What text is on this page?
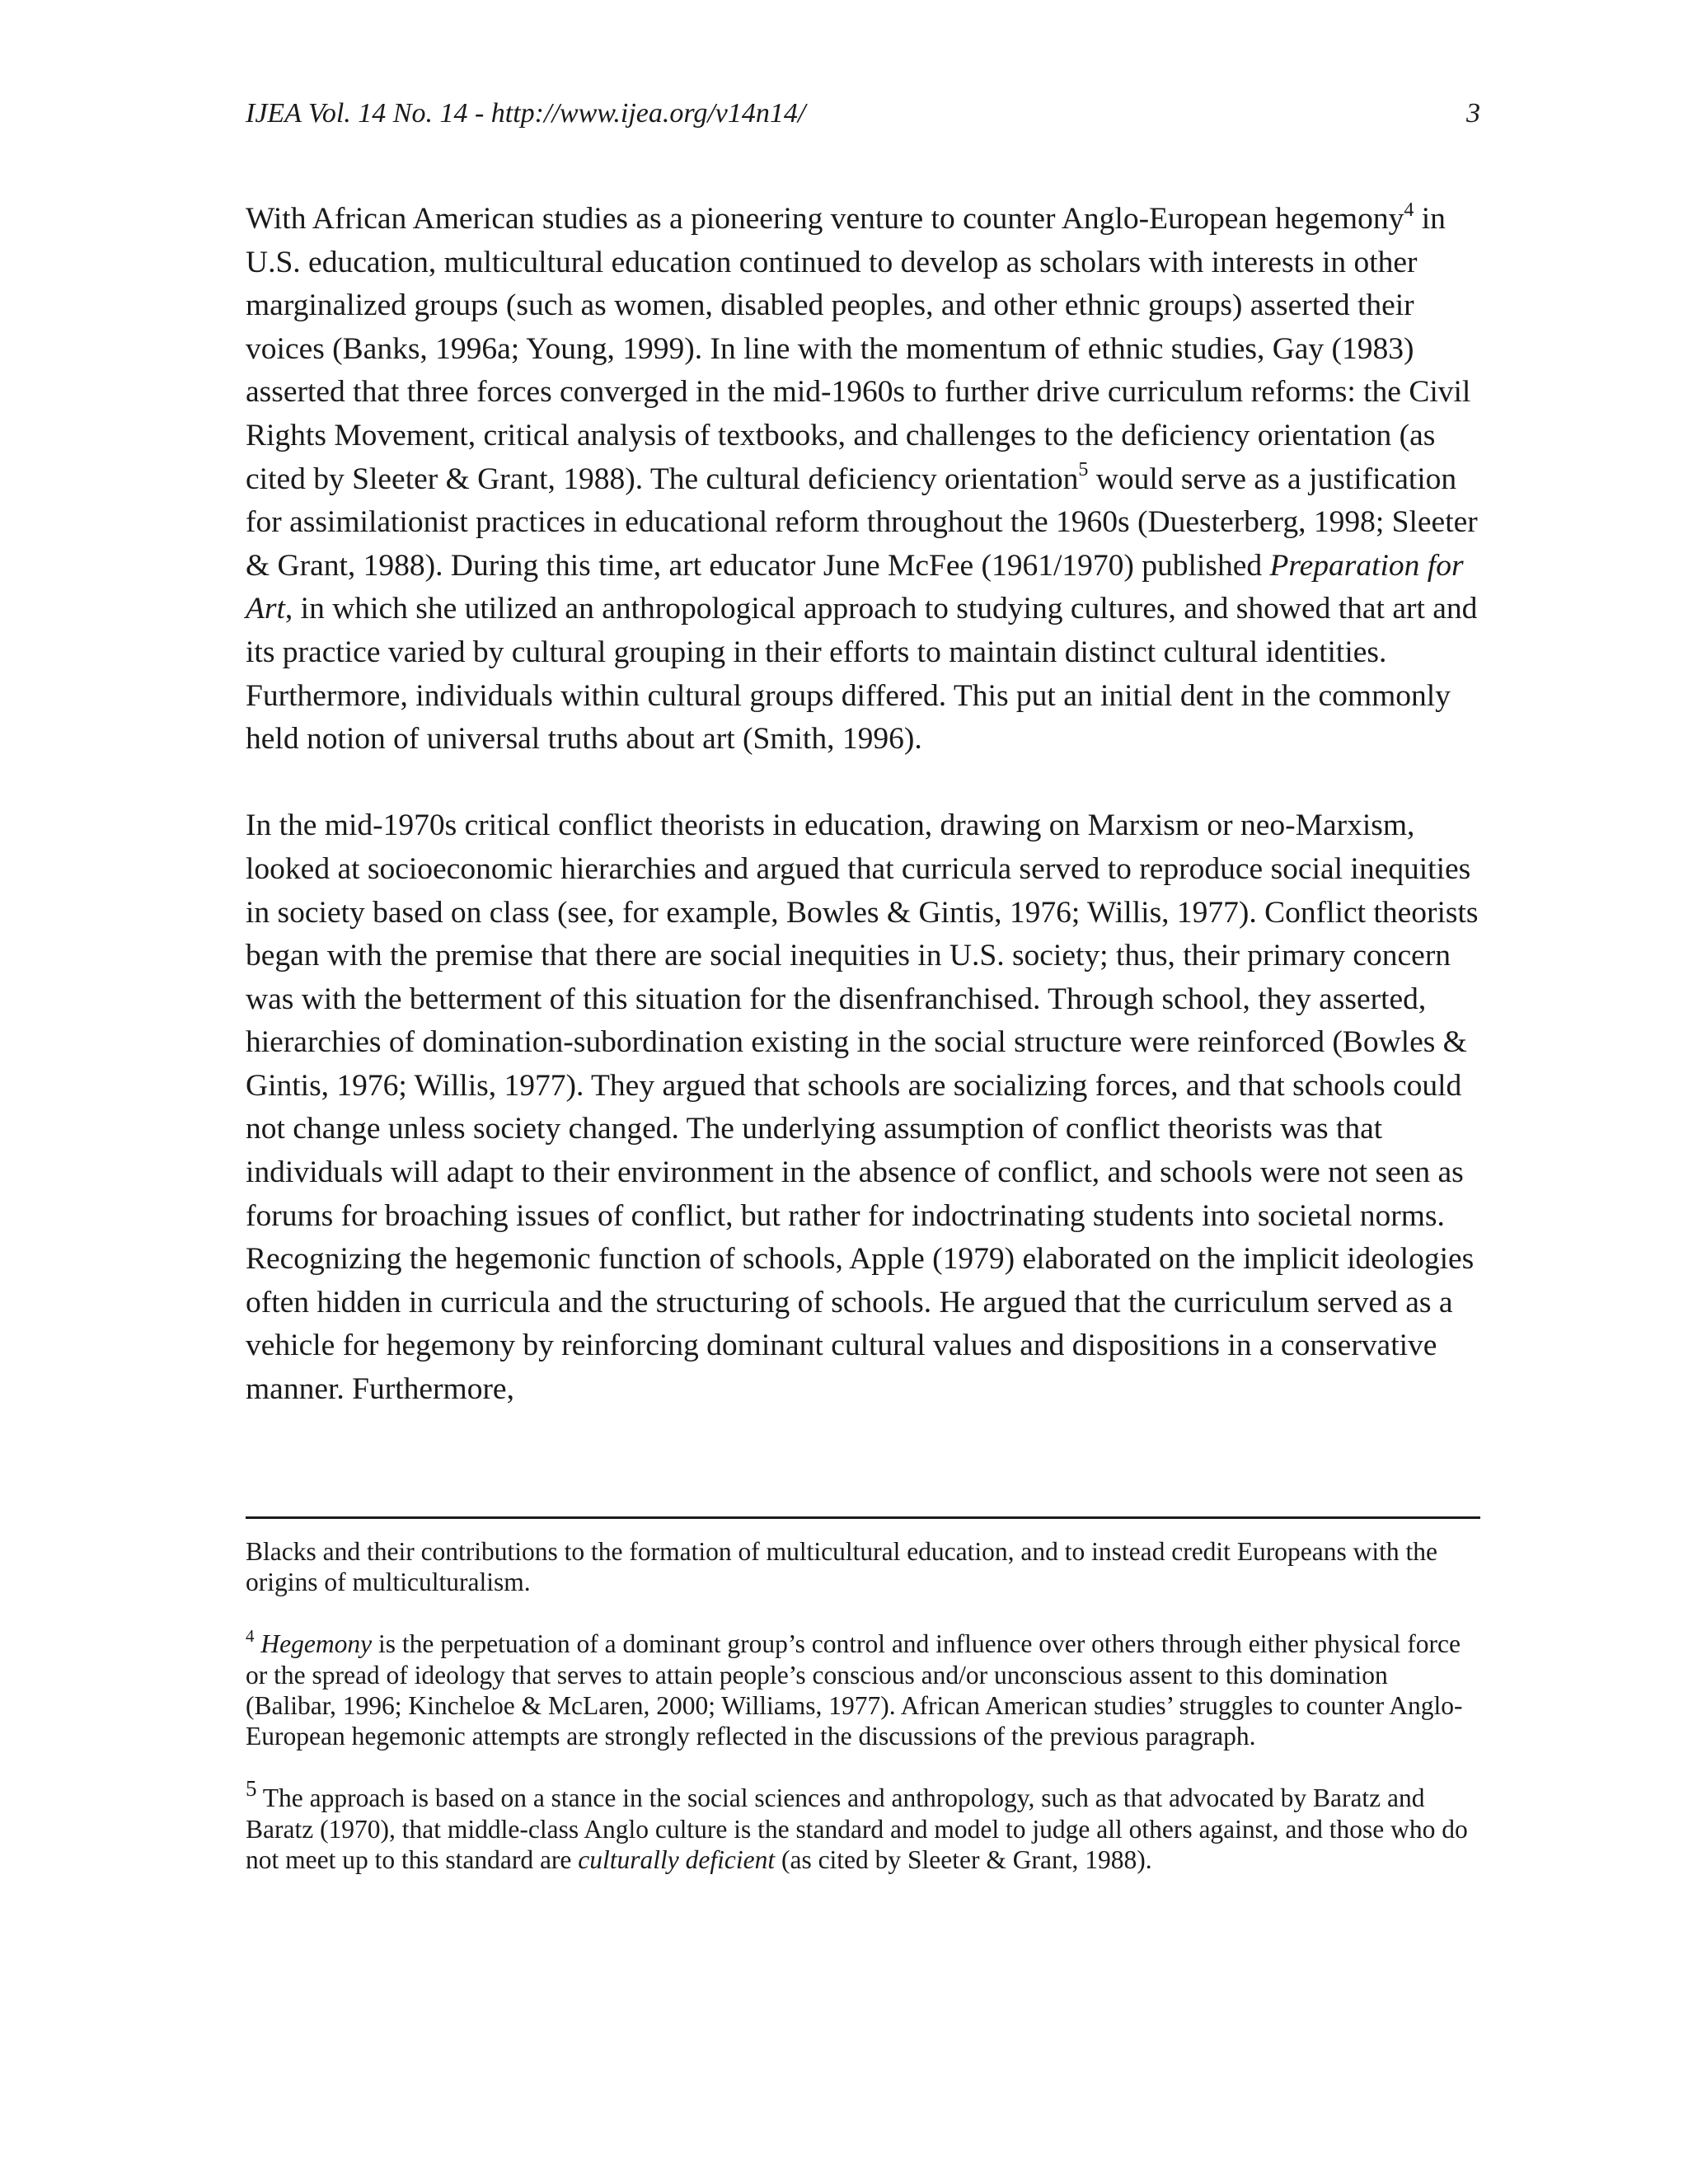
IJEA Vol. 14 No. 14 - http://www.ijea.org/v14n14/	3

With African American studies as a pioneering venture to counter Anglo-European hegemony$^4$ in U.S. education, multicultural education continued to develop as scholars with interests in other marginalized groups (such as women, disabled peoples, and other ethnic groups) asserted their voices (Banks, 1996a; Young, 1999). In line with the momentum of ethnic studies, Gay (1983) asserted that three forces converged in the mid-1960s to further drive curriculum reforms: the Civil Rights Movement, critical analysis of textbooks, and challenges to the deficiency orientation (as cited by Sleeter & Grant, 1988). The cultural deficiency orientation$^5$ would serve as a justification for assimilationist practices in educational reform throughout the 1960s (Duesterberg, 1998; Sleeter & Grant, 1988). During this time, art educator June McFee (1961/1970) published Preparation for Art, in which she utilized an anthropological approach to studying cultures, and showed that art and its practice varied by cultural grouping in their efforts to maintain distinct cultural identities. Furthermore, individuals within cultural groups differed. This put an initial dent in the commonly held notion of universal truths about art (Smith, 1996).

In the mid-1970s critical conflict theorists in education, drawing on Marxism or neo-Marxism, looked at socioeconomic hierarchies and argued that curricula served to reproduce social inequities in society based on class (see, for example, Bowles & Gintis, 1976; Willis, 1977). Conflict theorists began with the premise that there are social inequities in U.S. society; thus, their primary concern was with the betterment of this situation for the disenfranchised. Through school, they asserted, hierarchies of domination-subordination existing in the social structure were reinforced (Bowles & Gintis, 1976; Willis, 1977). They argued that schools are socializing forces, and that schools could not change unless society changed. The underlying assumption of conflict theorists was that individuals will adapt to their environment in the absence of conflict, and schools were not seen as forums for broaching issues of conflict, but rather for indoctrinating students into societal norms. Recognizing the hegemonic function of schools, Apple (1979) elaborated on the implicit ideologies often hidden in curricula and the structuring of schools. He argued that the curriculum served as a vehicle for hegemony by reinforcing dominant cultural values and dispositions in a conservative manner. Furthermore,

Blacks and their contributions to the formation of multicultural education, and to instead credit Europeans with the origins of multiculturalism.

$^4$ Hegemony is the perpetuation of a dominant group’s control and influence over others through either physical force or the spread of ideology that serves to attain people’s conscious and/or unconscious assent to this domination (Balibar, 1996; Kincheloe & McLaren, 2000; Williams, 1977). African American studies’ struggles to counter Anglo-European hegemonic attempts are strongly reflected in the discussions of the previous paragraph.

$^5$ The approach is based on a stance in the social sciences and anthropology, such as that advocated by Baratz and Baratz (1970), that middle-class Anglo culture is the standard and model to judge all others against, and those who do not meet up to this standard are culturally deficient (as cited by Sleeter & Grant, 1988).
